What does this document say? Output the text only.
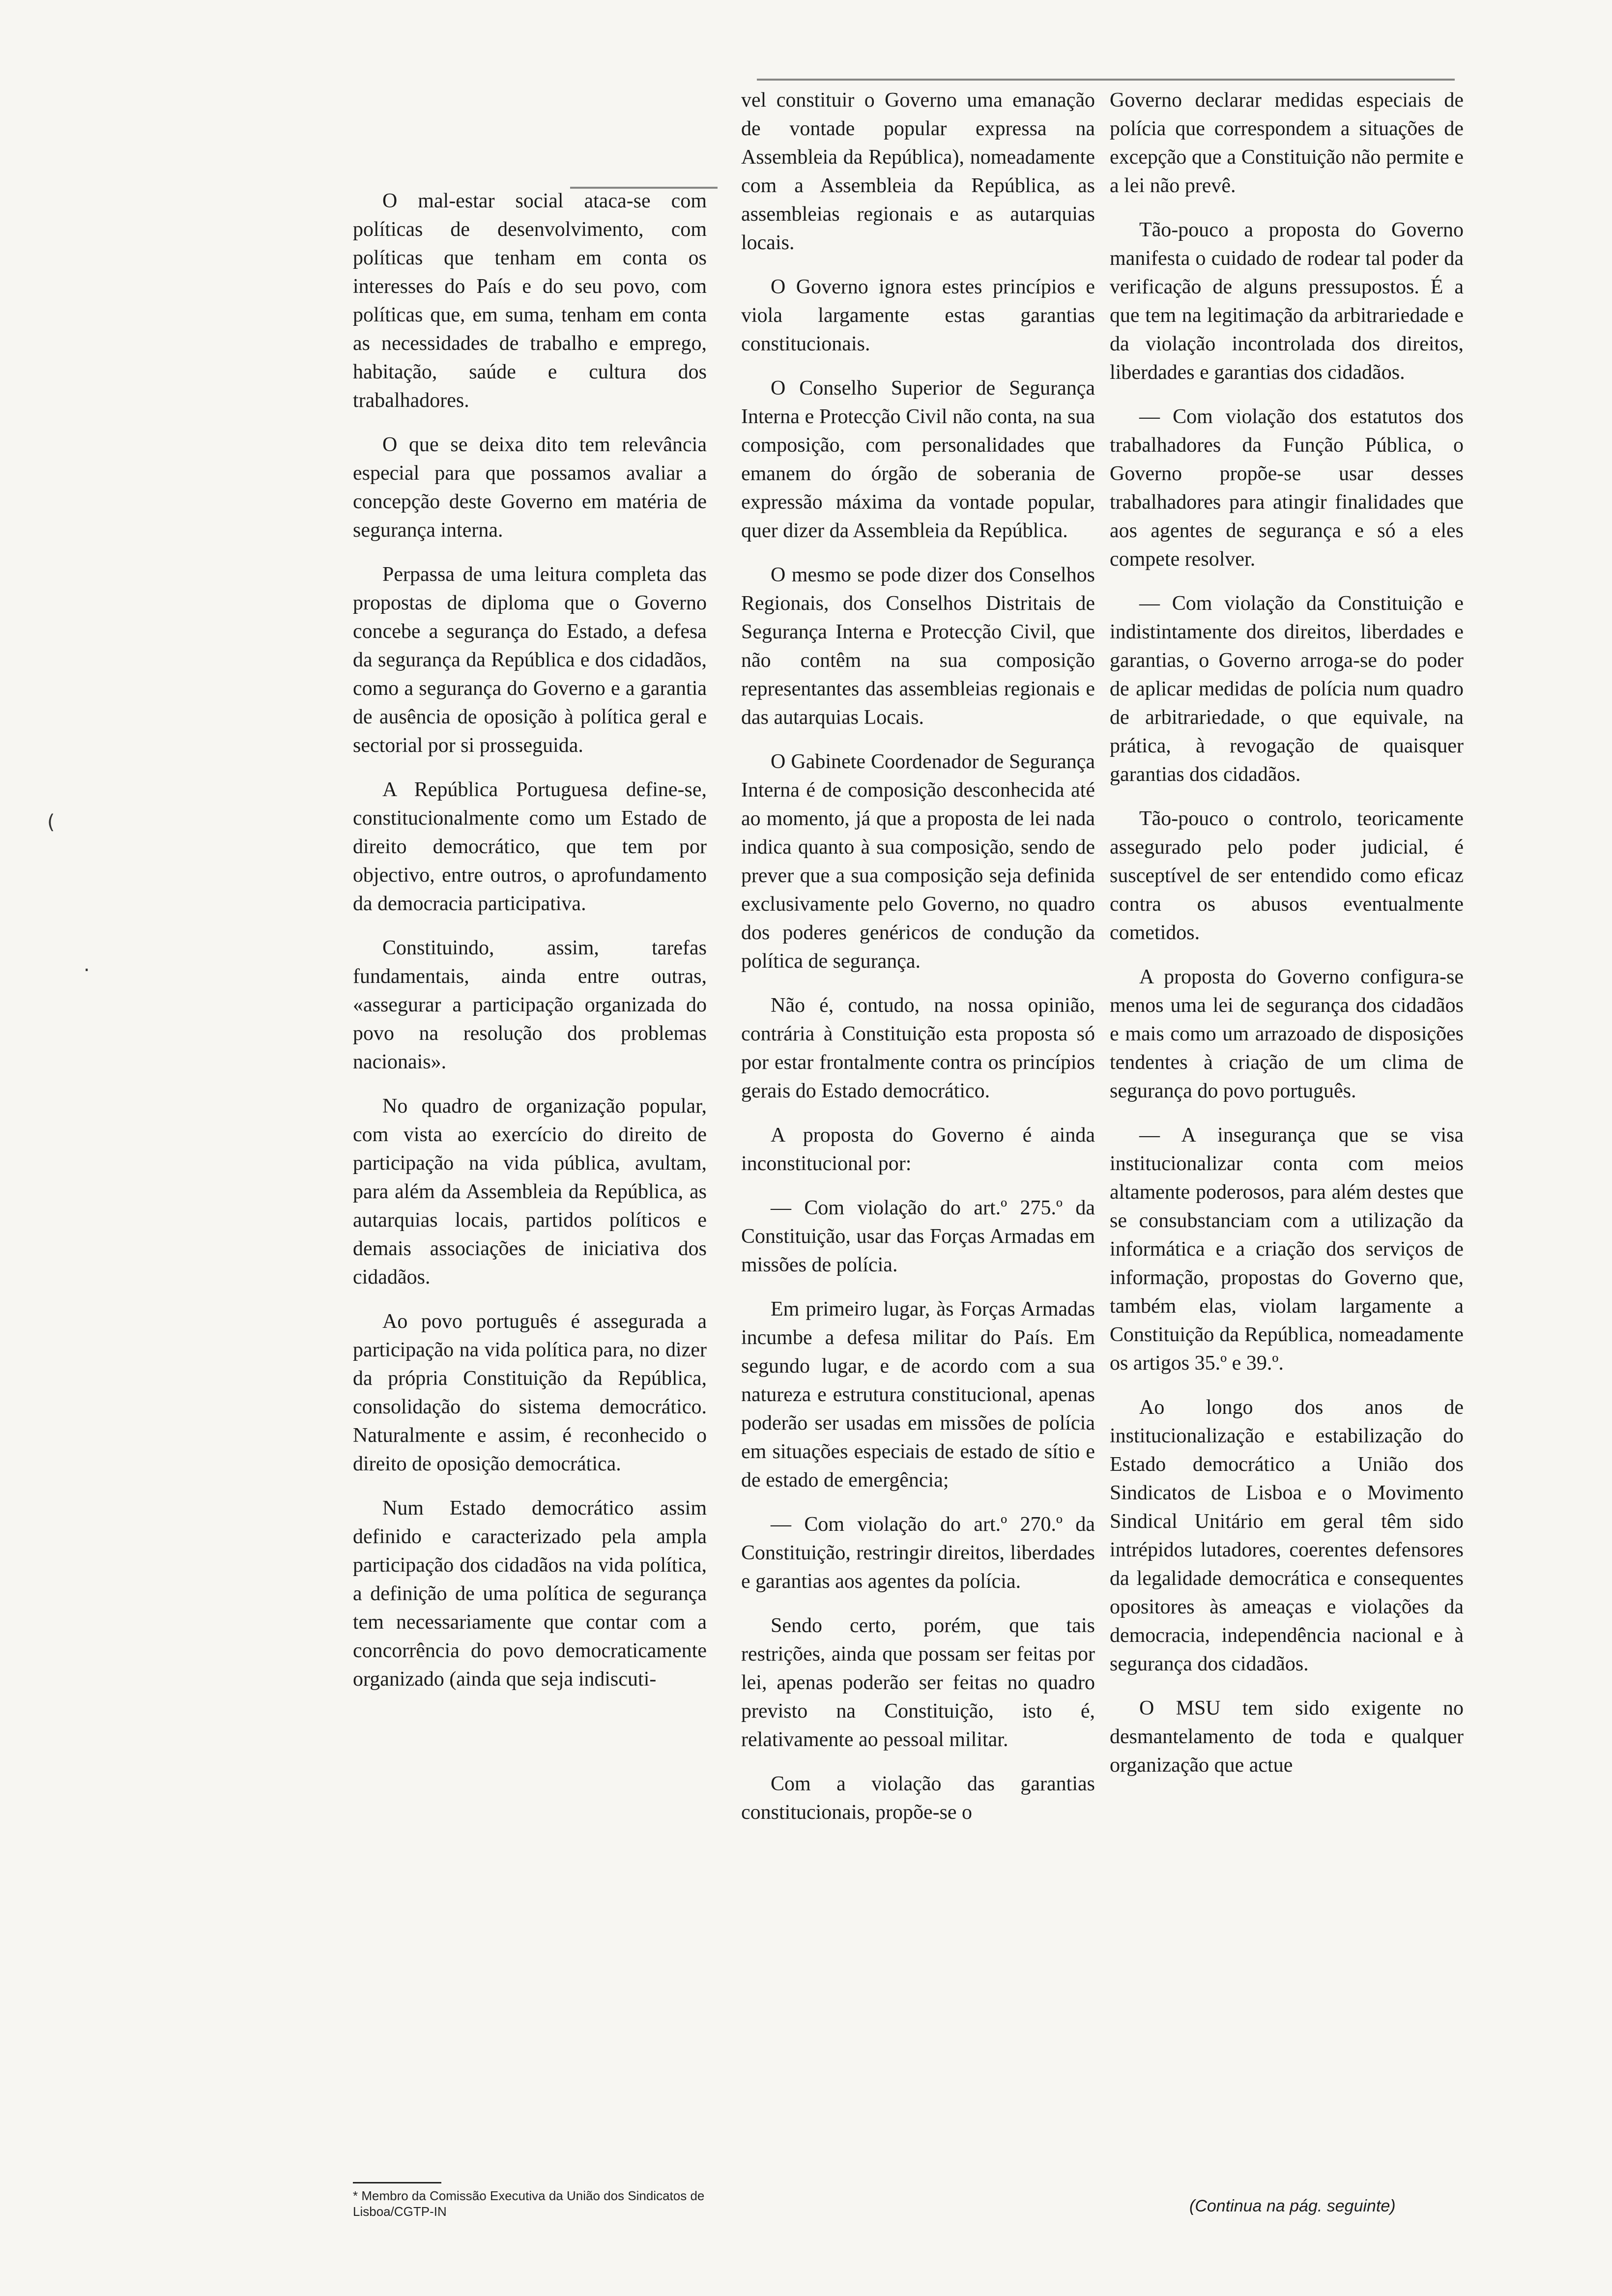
(
.

O mal-estar social ataca-se com políticas de desenvolvimento, com políticas que tenham em conta os interesses do País e do seu povo, com políticas que, em suma, tenham em conta as necessidades de trabalho e emprego, habitação, saúde e cultura dos trabalhadores.

O que se deixa dito tem relevância especial para que possamos avaliar a concepção deste Governo em matéria de segurança interna.

Perpassa de uma leitura completa das propostas de diploma que o Governo concebe a segurança do Estado, a defesa da segurança da República e dos cidadãos, como a segurança do Governo e a garantia de ausência de oposição à política geral e sectorial por si prosseguida.

A República Portuguesa define-se, constitucionalmente como um Estado de direito democrático, que tem por objectivo, entre outros, o aprofundamento da democracia participativa.

Constituindo, assim, tarefas fundamentais, ainda entre outras, «assegurar a participação organizada do povo na resolução dos problemas nacionais».

No quadro de organização popular, com vista ao exercício do direito de participação na vida pública, avultam, para além da Assembleia da República, as autarquias locais, partidos políticos e demais associações de iniciativa dos cidadãos.

Ao povo português é assegurada a participação na vida política para, no dizer da própria Constituição da República, consolidação do sistema democrático. Naturalmente e assim, é reconhecido o direito de oposição democrática.

Num Estado democrático assim definido e caracterizado pela ampla participação dos cidadãos na vida política, a definição de uma política de segurança tem necessariamente que contar com a concorrência do povo democraticamente organizado (ainda que seja indiscuti-

* Membro da Comissão Executiva da União dos Sindicatos de Lisboa/CGTP-IN

vel constituir o Governo uma emanação de vontade popular expressa na Assembleia da República), nomeadamente com a Assembleia da República, as assembleias regionais e as autarquias locais.

O Governo ignora estes princípios e viola largamente estas garantias constitucionais.

O Conselho Superior de Segurança Interna e Protecção Civil não conta, na sua composição, com personalidades que emanem do órgão de soberania de expressão máxima da vontade popular, quer dizer da Assembleia da República.

O mesmo se pode dizer dos Conselhos Regionais, dos Conselhos Distritais de Segurança Interna e Protecção Civil, que não contêm na sua composição representantes das assembleias regionais e das autarquias Locais.

O Gabinete Coordenador de Segurança Interna é de composição desconhecida até ao momento, já que a proposta de lei nada indica quanto à sua composição, sendo de prever que a sua composição seja definida exclusivamente pelo Governo, no quadro dos poderes genéricos de condução da política de segurança.

Não é, contudo, na nossa opinião, contrária à Constituição esta proposta só por estar frontalmente contra os princípios gerais do Estado democrático.

A proposta do Governo é ainda inconstitucional por:

— Com violação do art.º 275.º da Constituição, usar das Forças Armadas em missões de polícia.

Em primeiro lugar, às Forças Armadas incumbe a defesa militar do País. Em segundo lugar, e de acordo com a sua natureza e estrutura constitucional, apenas poderão ser usadas em missões de polícia em situações especiais de estado de sítio e de estado de emergência;

— Com violação do art.º 270.º da Constituição, restringir direitos, liberdades e garantias aos agentes da polícia.

Sendo certo, porém, que tais restrições, ainda que possam ser feitas por lei, apenas poderão ser feitas no quadro previsto na Constituição, isto é, relativamente ao pessoal militar.

Com a violação das garantias constitucionais, propõe-se o

Governo declarar medidas especiais de polícia que correspondem a situações de excepção que a Constituição não permite e a lei não prevê.

Tão-pouco a proposta do Governo manifesta o cuidado de rodear tal poder da verificação de alguns pressupostos. É a que tem na legitimação da arbitrariedade e da violação incontrolada dos direitos, liberdades e garantias dos cidadãos.

— Com violação dos estatutos dos trabalhadores da Função Pública, o Governo propõe-se usar desses trabalhadores para atingir finalidades que aos agentes de segurança e só a eles compete resolver.

— Com violação da Constituição e indistintamente dos direitos, liberdades e garantias, o Governo arroga-se do poder de aplicar medidas de polícia num quadro de arbitrariedade, o que equivale, na prática, à revogação de quaisquer garantias dos cidadãos.

Tão-pouco o controlo, teoricamente assegurado pelo poder judicial, é susceptível de ser entendido como eficaz contra os abusos eventualmente cometidos.

A proposta do Governo configura-se menos uma lei de segurança dos cidadãos e mais como um arrazoado de disposições tendentes à criação de um clima de segurança do povo português.

— A insegurança que se visa institucionalizar conta com meios altamente poderosos, para além destes que se consubstanciam com a utilização da informática e a criação dos serviços de informação, propostas do Governo que, também elas, violam largamente a Constituição da República, nomeadamente os artigos 35.º e 39.º.

Ao longo dos anos de institucionalização e estabilização do Estado democrático a União dos Sindicatos de Lisboa e o Movimento Sindical Unitário em geral têm sido intrépidos lutadores, coerentes defensores da legalidade democrática e consequentes opositores às ameaças e violações da democracia, independência nacional e à segurança dos cidadãos.

O MSU tem sido exigente no desmantelamento de toda e qualquer organização que actue

(Continua na pág. seguinte)
